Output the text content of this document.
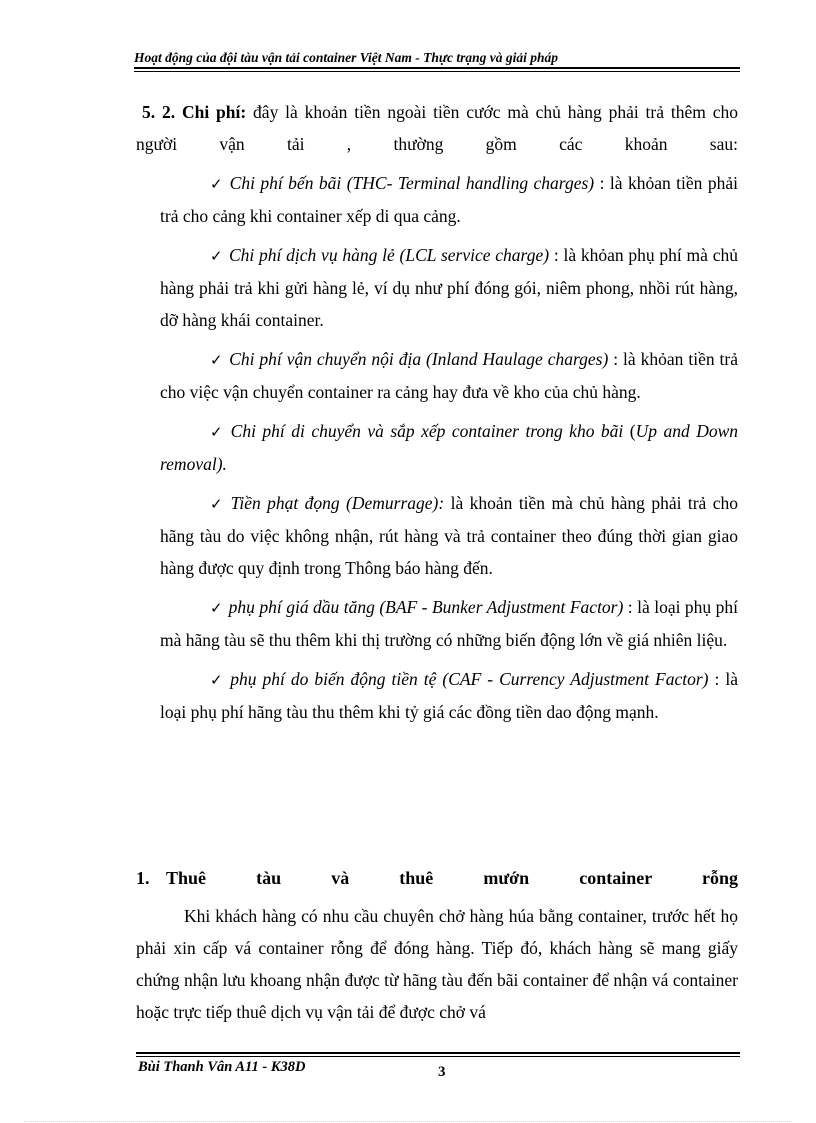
Hoạt động của đội tàu vận tải container Việt Nam - Thực trạng và giải pháp

5. 2. Chi phí: đây là khoản tiền ngoài tiền cước mà chủ hàng phải trả thêm cho người vận tải , thường gồm các khoản sau:

✓ Chi phí bến bãi (THC- Terminal handling charges) : là khỏan tiền phải trả cho cảng khi container xếp di qua cảng.

✓ Chi phí dịch vụ hàng lẻ (LCL service charge) : là khỏan phụ phí mà chủ hàng phải trả khi gửi hàng lẻ, ví dụ như phí đóng gói, niêm phong, nhồi rút hàng, dỡ hàng khái container.

✓ Chi phí vận chuyển nội địa (Inland Haulage charges) : là khỏan tiền trả cho việc vận chuyển container ra cảng hay đưa về kho của chủ hàng.

✓ Chi phí di chuyển và sắp xếp container trong kho bãi (Up and Down removal).

✓ Tiền phạt đọng (Demurrage): là khoản tiền mà chủ hàng phải trả cho hãng tàu do việc không nhận, rút hàng và trả container theo đúng thời gian giao hàng được quy định trong Thông báo hàng đến.

✓ phụ phí giá dầu tăng (BAF - Bunker Adjustment Factor) : là loại phụ phí mà hãng tàu sẽ thu thêm khi thị trường có những biến động lớn về giá nhiên liệu.

✓ phụ phí do biến động tiền tệ (CAF - Currency Adjustment Factor) : là loại phụ phí hãng tàu thu thêm khi tỷ giá các đồng tiền dao động mạnh.

1. Thuê tàu và thuê mướn container rỗng

Khi khách hàng có nhu cầu chuyên chở hàng húa bằng container, trước hết họ phải xin cấp vá container rỗng để đóng hàng. Tiếp đó, khách hàng sẽ mang giấy chứng nhận lưu khoang nhận được từ hãng tàu đến bãi container để nhận vá container hoặc trực tiếp thuê dịch vụ vận tải để được chở vá

Bùi Thanh Vân A11 - K38D	3
